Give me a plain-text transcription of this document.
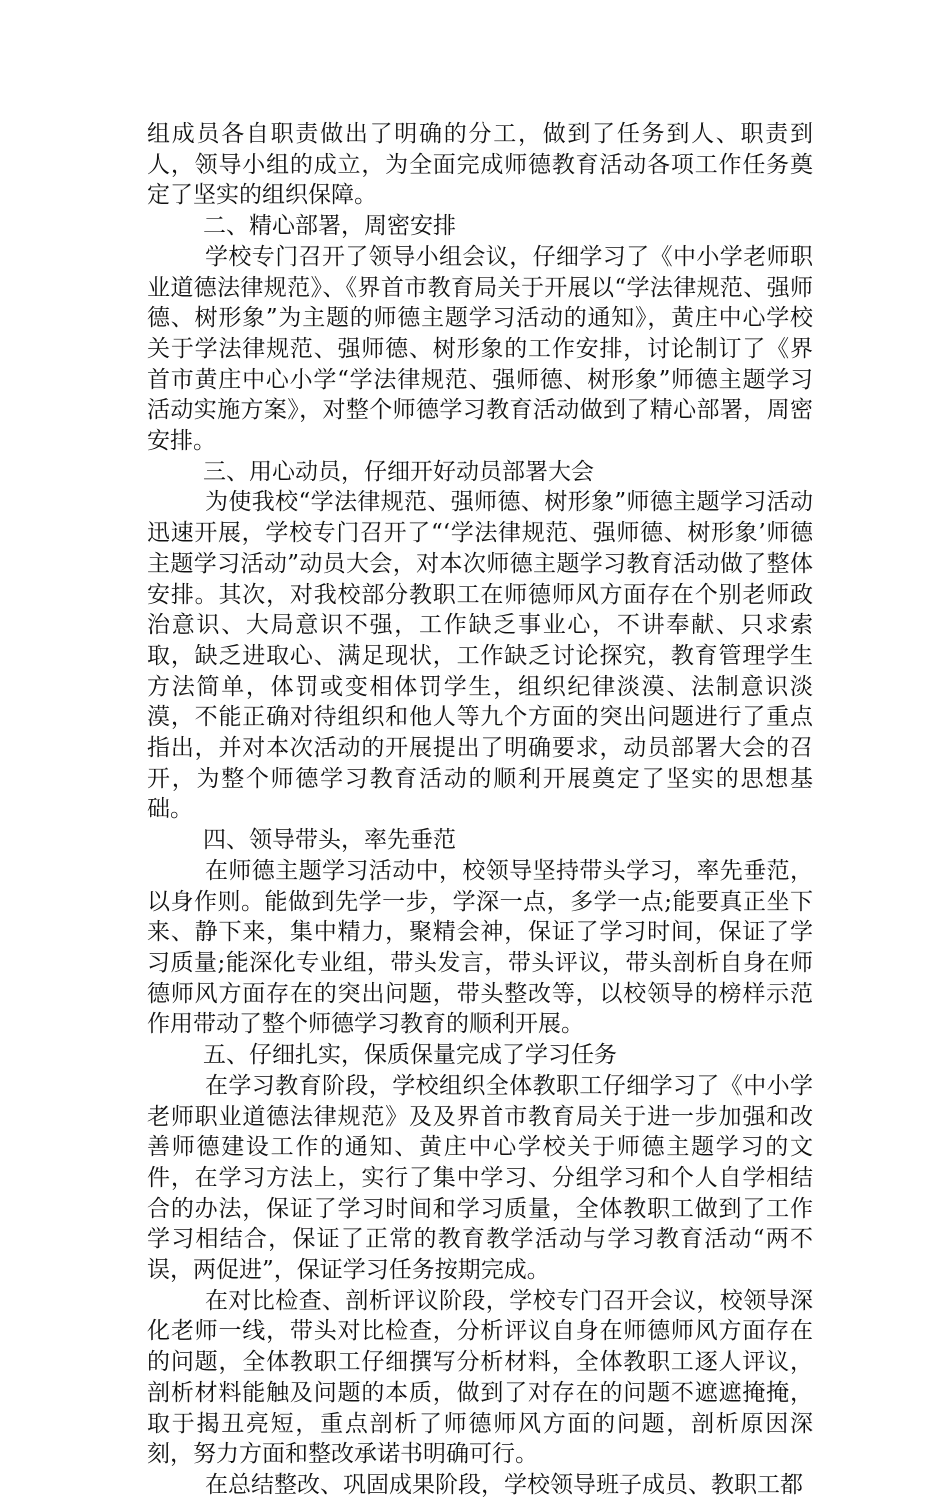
组成员各自职责做出了明确的分工，做到了任务到人、职责到人，领导小组的成立，为全面完成师德教育活动各项工作任务奠定了坚实的组织保障。

二、精心部署，周密安排

学校专门召开了领导小组会议，仔细学习了《中小学老师职业道德法律规范》、《界首市教育局关于开展以“学法律规范、强师德、树形象”为主题的师德主题学习活动的通知》，黄庄中心学校关于学法律规范、强师德、树形象的工作安排，讨论制订了《界首市黄庄中心小学“学法律规范、强师德、树形象”师德主题学习活动实施方案》，对整个师德学习教育活动做到了精心部署，周密安排。

三、用心动员，仔细开好动员部署大会

为使我校“学法律规范、强师德、树形象”师德主题学习活动迅速开展，学校专门召开了“‘学法律规范、强师德、树形象’师德主题学习活动”动员大会，对本次师德主题学习教育活动做了整体安排。其次，对我校部分教职工在师德师风方面存在个别老师政治意识、大局意识不强，工作缺乏事业心，不讲奉献、只求索取，缺乏进取心、满足现状，工作缺乏讨论探究，教育管理学生方法简单，体罚或变相体罚学生，组织纪律淡漠、法制意识淡漠，不能正确对待组织和他人等九个方面的突出问题进行了重点指出，并对本次活动的开展提出了明确要求，动员部署大会的召开，为整个师德学习教育活动的顺利开展奠定了坚实的思想基础。

四、领导带头，率先垂范

在师德主题学习活动中，校领导坚持带头学习，率先垂范，以身作则。能做到先学一步，学深一点，多学一点;能要真正坐下来、静下来，集中精力，聚精会神，保证了学习时间，保证了学习质量;能深化专业组，带头发言，带头评议，带头剖析自身在师德师风方面存在的突出问题，带头整改等，以校领导的榜样示范作用带动了整个师德学习教育的顺利开展。

五、仔细扎实，保质保量完成了学习任务

在学习教育阶段，学校组织全体教职工仔细学习了《中小学老师职业道德法律规范》及及界首市教育局关于进一步加强和改善师德建设工作的通知、黄庄中心学校关于师德主题学习的文件，在学习方法上，实行了集中学习、分组学习和个人自学相结合的办法，保证了学习时间和学习质量，全体教职工做到了工作学习相结合，保证了正常的教育教学活动与学习教育活动“两不误，两促进”，保证学习任务按期完成。

在对比检查、剖析评议阶段，学校专门召开会议，校领导深化老师一线，带头对比检查，分析评议自身在师德师风方面存在的问题，全体教职工仔细撰写分析材料，全体教职工逐人评议，剖析材料能触及问题的本质，做到了对存在的问题不遮遮掩掩，取于揭丑亮短，重点剖析了师德师风方面的问题，剖析原因深刻，努力方面和整改承诺书明确可行。

在总结整改、巩固成果阶段，学校领导班子成员、教职工都
